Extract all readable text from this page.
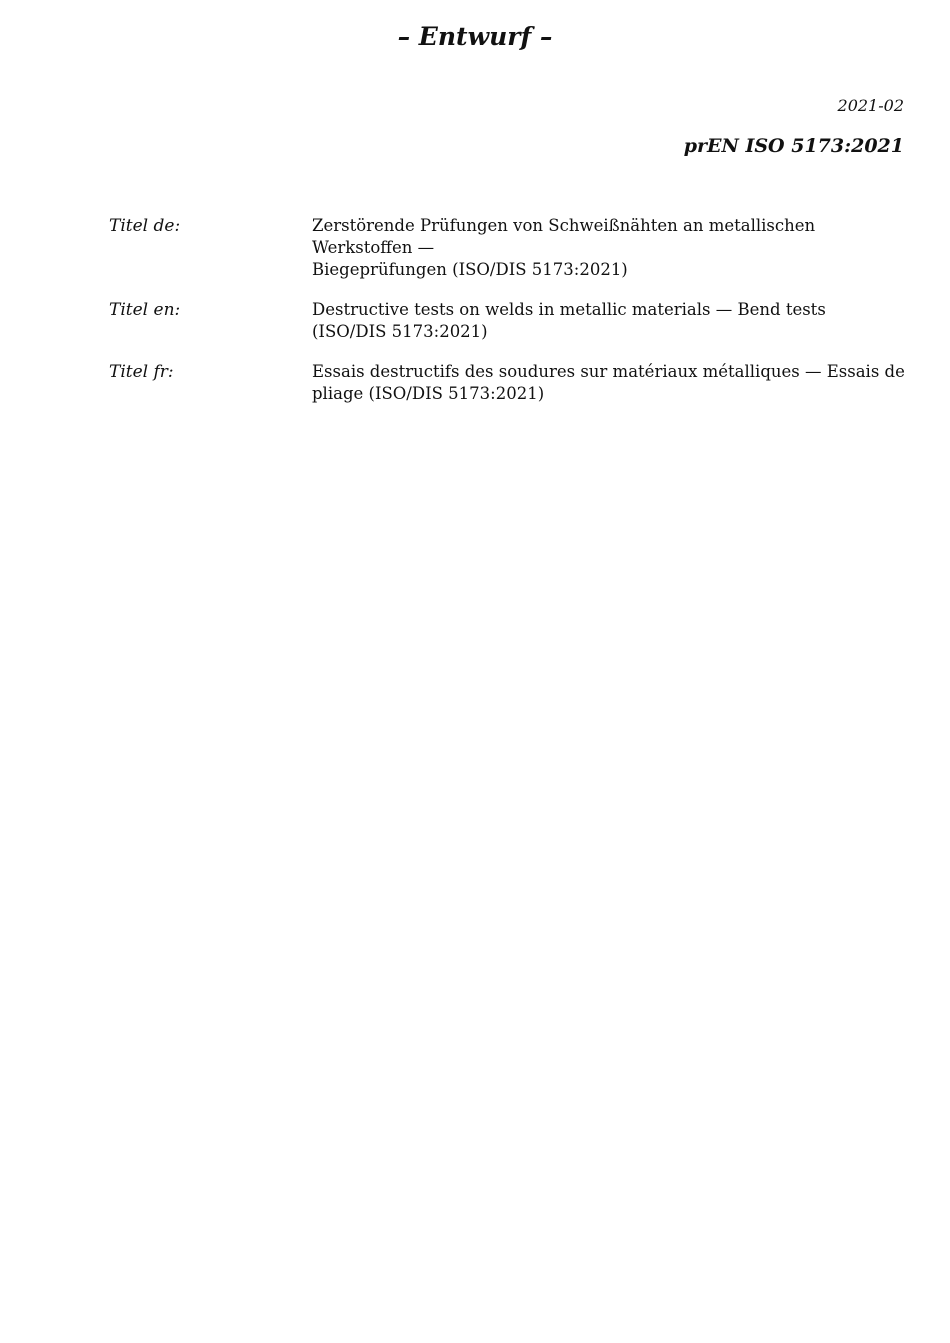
– Entwurf –
2021-02
prEN ISO 5173:2021
Titel de:	Zerstörende Prüfungen von Schweißnähten an metallischen Werkstoffen —
Biegeprüfungen (ISO/DIS 5173:2021)
Titel en:	Destructive tests on welds in metallic materials — Bend tests
(ISO/DIS 5173:2021)
Titel fr:	Essais destructifs des soudures sur matériaux métalliques — Essais de
pliage (ISO/DIS 5173:2021)
